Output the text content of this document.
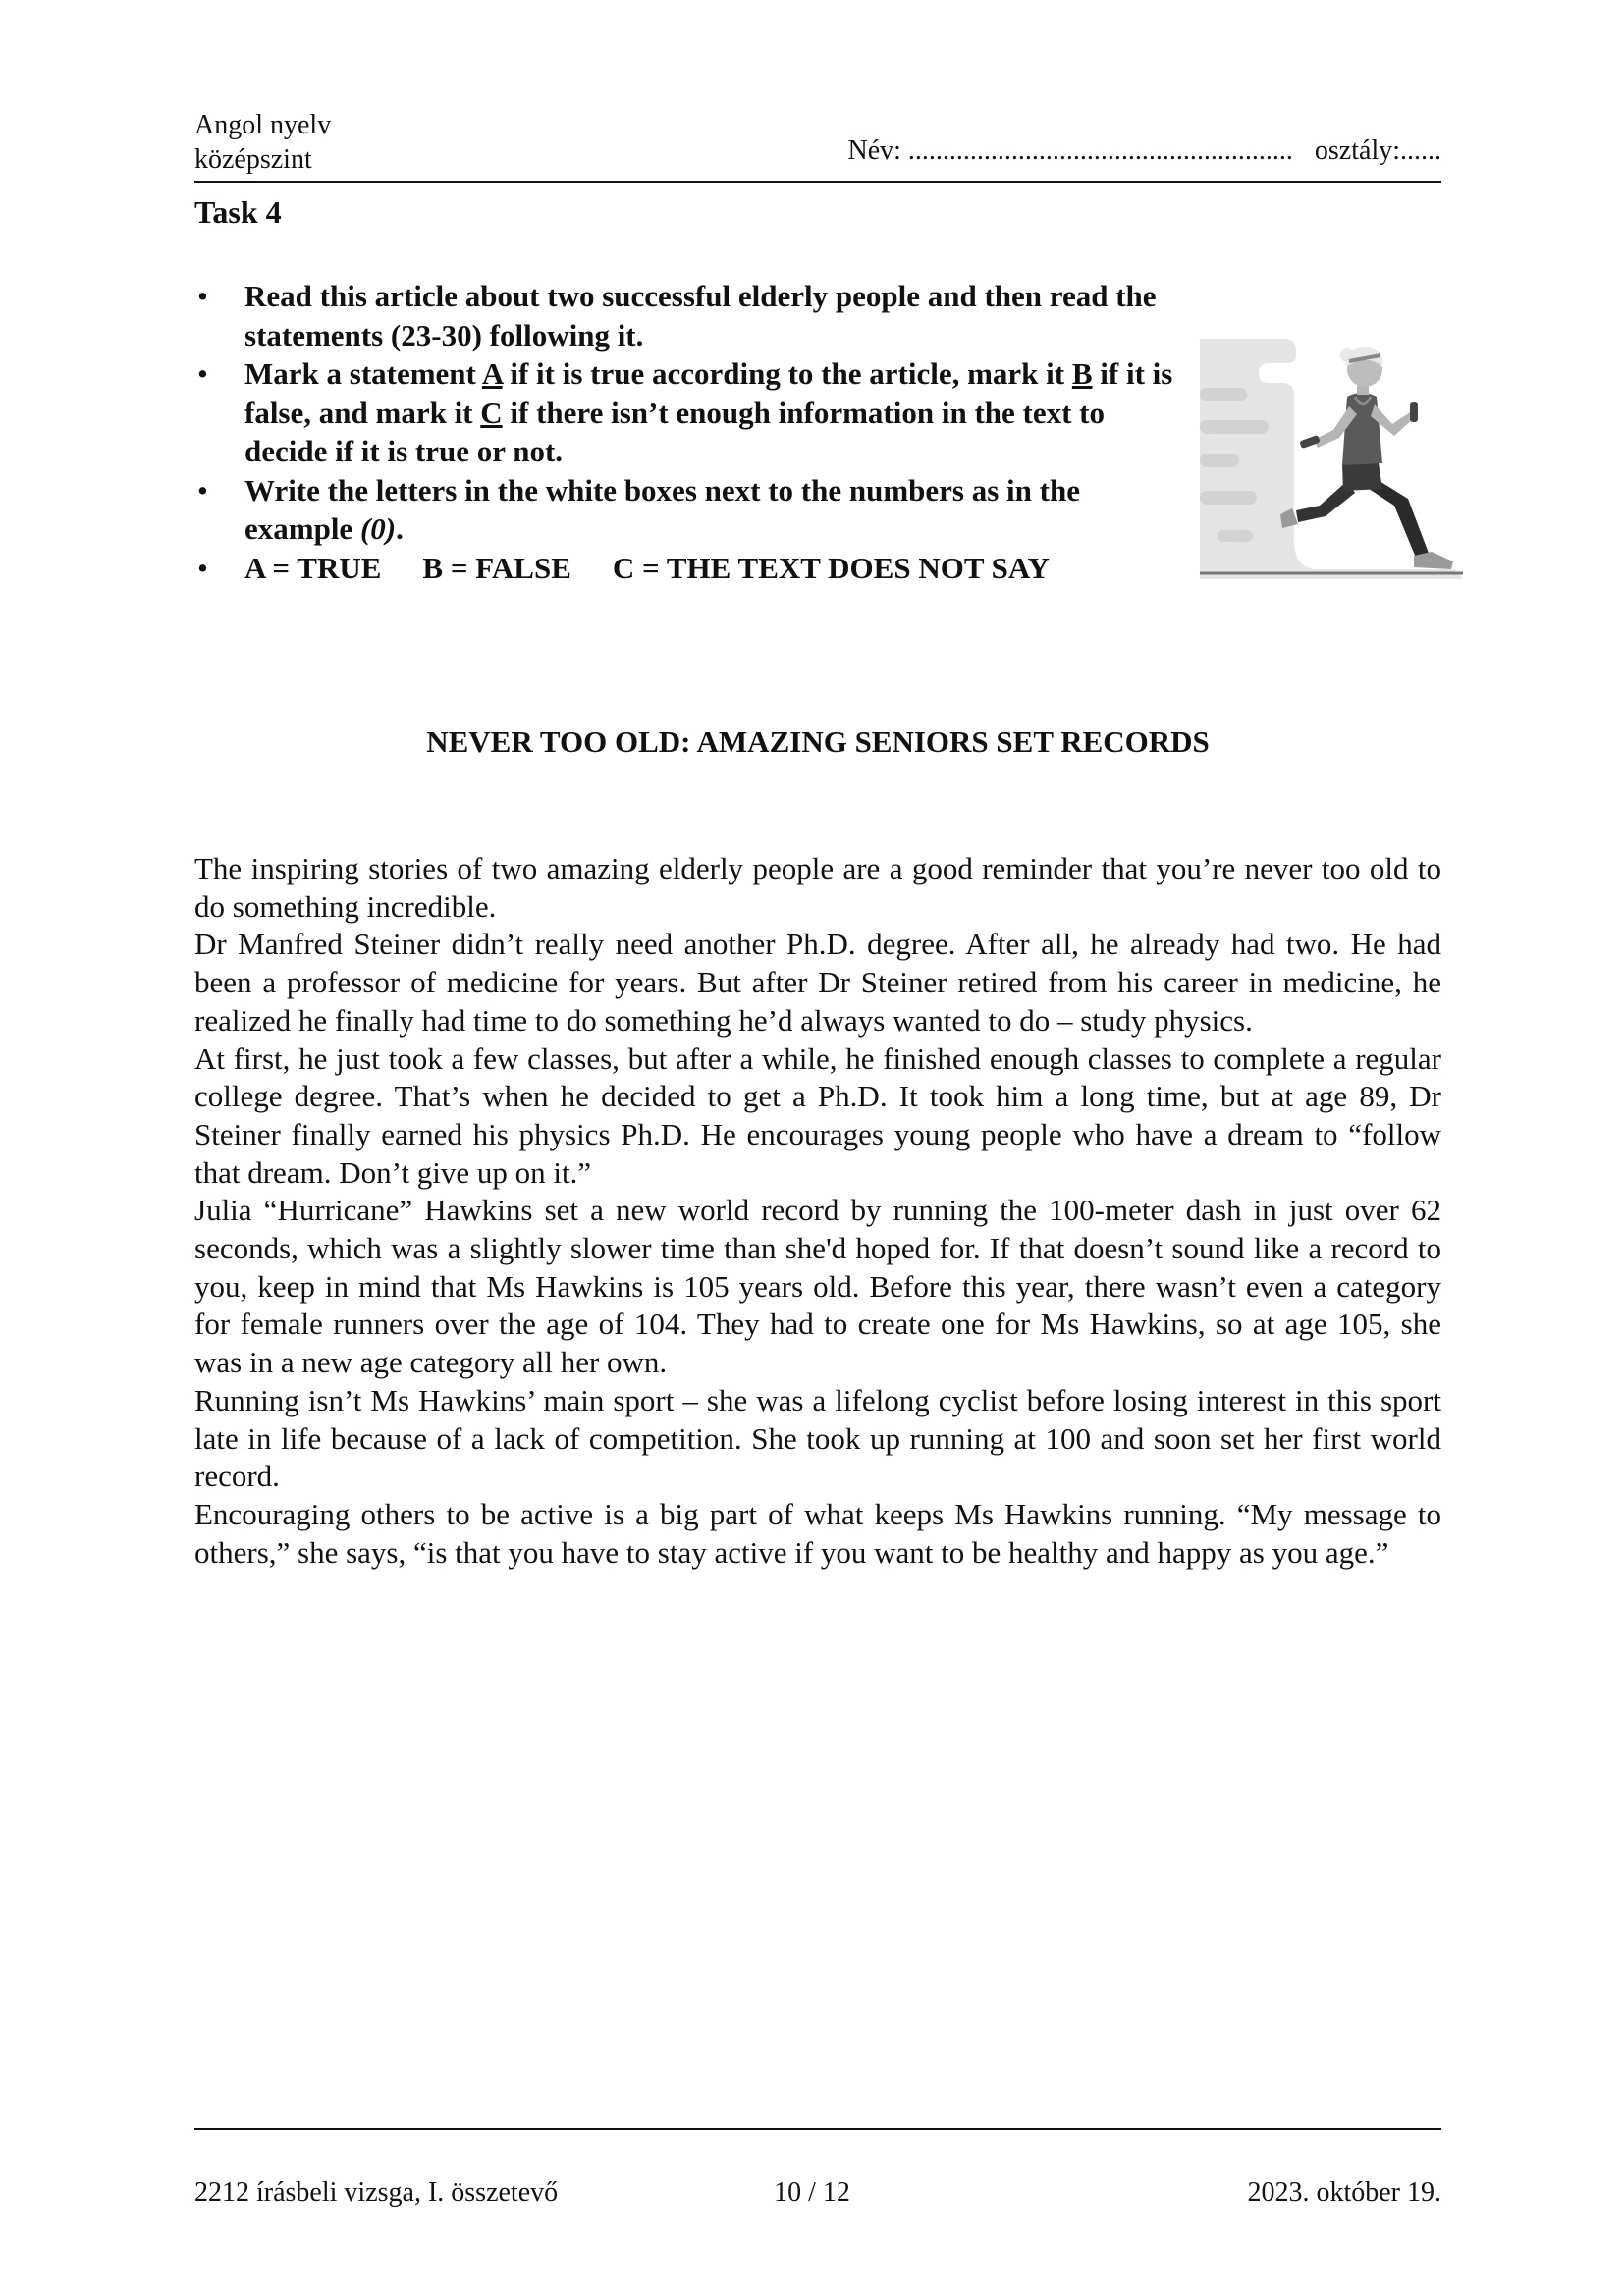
Angol nyelv
középszint	Név: ........................................................ osztály:......
Task 4
• Read this article about two successful elderly people and then read the statements (23-30) following it.
• Mark a statement A if it is true according to the article, mark it B if it is false, and mark it C if there isn’t enough information in the text to decide if it is true or not.
• Write the letters in the white boxes next to the numbers as in the example (0).
• A = TRUE B = FALSE C = THE TEXT DOES NOT SAY
NEVER TOO OLD: AMAZING SENIORS SET RECORDS

The inspiring stories of two amazing elderly people are a good reminder that you’re never too old to do something incredible.

Dr Manfred Steiner didn’t really need another Ph.D. degree. After all, he already had two. He had been a professor of medicine for years. But after Dr Steiner retired from his career in medicine, he realized he finally had time to do something he’d always wanted to do – study physics.

At first, he just took a few classes, but after a while, he finished enough classes to complete a regular college degree. That’s when he decided to get a Ph.D. It took him a long time, but at age 89, Dr Steiner finally earned his physics Ph.D. He encourages young people who have a dream to “follow that dream. Don’t give up on it.”

Julia “Hurricane” Hawkins set a new world record by running the 100-meter dash in just over 62 seconds, which was a slightly slower time than she'd hoped for. If that doesn’t sound like a record to you, keep in mind that Ms Hawkins is 105 years old. Before this year, there wasn’t even a category for female runners over the age of 104. They had to create one for Ms Hawkins, so at age 105, she was in a new age category all her own.

Running isn’t Ms Hawkins’ main sport – she was a lifelong cyclist before losing interest in this sport late in life because of a lack of competition. She took up running at 100 and soon set her first world record.

Encouraging others to be active is a big part of what keeps Ms Hawkins running. “My message to others,” she says, “is that you have to stay active if you want to be healthy and happy as you age.”

2212 írásbeli vizsga, I. összetevő	10 / 12	2023. október 19.
